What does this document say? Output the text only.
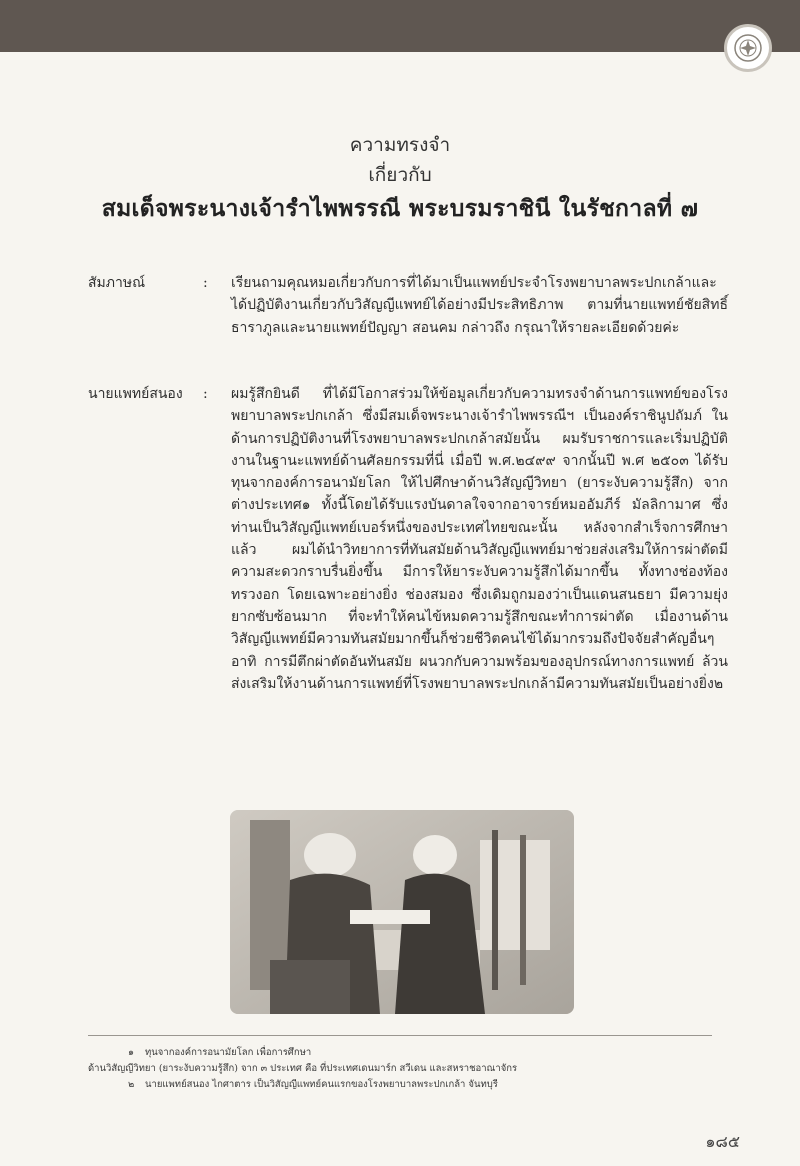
ความทรงจำ
เกี่ยวกับ
สมเด็จพระนางเจ้ารำไพพรรณี พระบรมราชินี ในรัชกาลที่ ๗
สัมภาษณ์	:	เรียนถามคุณหมอเกี่ยวกับการที่ได้มาเป็นแพทย์ประจำโรงพยาบาลพระปกเกล้าและได้ปฏิบัติงานเกี่ยวกับวิสัญญีแพทย์ได้อย่างมีประสิทธิภาพ ตามที่นายแพทย์ชัยสิทธิ์ ธาราภูลและนายแพทย์ปัญญา สอนคม กล่าวถึง กรุณาให้รายละเอียดด้วยค่ะ

นายแพทย์สนอง	:	ผมรู้สึกยินดี ที่ได้มีโอกาสร่วมให้ข้อมูลเกี่ยวกับความทรงจำด้านการแพทย์ของโรงพยาบาลพระปกเกล้า ซึ่งมีสมเด็จพระนางเจ้ารำไพพรรณีฯ เป็นองค์ราชินูปถัมภ์ ในด้านการปฏิบัติงานที่โรงพยาบาลพระปกเกล้าสมัยนั้น ผมรับราชการและเริ่มปฏิบัติงานในฐานะแพทย์ด้านศัลยกรรมที่นี่ เมื่อปี พ.ศ.๒๔๙๙ จากนั้นปี พ.ศ ๒๕๐๓ ได้รับทุนจากองค์การอนามัยโลก ให้ไปศึกษาด้านวิสัญญีวิทยา (ยาระงับความรู้สึก) จากต่างประเทศ๑ ทั้งนี้โดยได้รับแรงบันดาลใจจากอาจารย์หมออัมภีร์ มัลลิกามาศ ซึ่งท่านเป็นวิสัญญีแพทย์เบอร์หนึ่งของประเทศไทยขณะนั้น หลังจากสำเร็จการศึกษาแล้ว ผมได้นำวิทยาการที่ทันสมัยด้านวิสัญญีแพทย์มาช่วยส่งเสริมให้การผ่าตัดมีความสะดวกราบรื่นยิ่งขึ้น มีการให้ยาระงับความรู้สึกได้มากขึ้น ทั้งทางช่องท้อง ทรวงอก โดยเฉพาะอย่างยิ่ง ช่องสมอง ซึ่งเดิมถูกมองว่าเป็นแดนสนธยา มีความยุ่งยากซับซ้อนมาก ที่จะทำให้คนไข้หมดความรู้สึกขณะทำการผ่าตัด เมื่องานด้านวิสัญญีแพทย์มีความทันสมัยมากขึ้นก็ช่วยชีวิตคนไข้ได้มากรวมถึงปัจจัยสำคัญอื่นๆ อาทิ การมีตึกผ่าตัดอันทันสมัย ผนวกกับความพร้อมของอุปกรณ์ทางการแพทย์ ล้วนส่งเสริมให้งานด้านการแพทย์ที่โรงพยาบาลพระปกเกล้ามีความทันสมัยเป็นอย่างยิ่ง๒

๑ ทุนจากองค์การอนามัยโลก เพื่อการศึกษา

ด้านวิสัญญีวิทยา (ยาระงับความรู้สึก) จาก ๓ ประเทศ คือ ที่ประเทศเดนมาร์ก สวีเดน และสหราชอาณาจักร

๒ นายแพทย์สนอง ไกศาตาร เป็นวิสัญญีแพทย์คนแรกของโรงพยาบาลพระปกเกล้า จันทบุรี

๑๘๕
